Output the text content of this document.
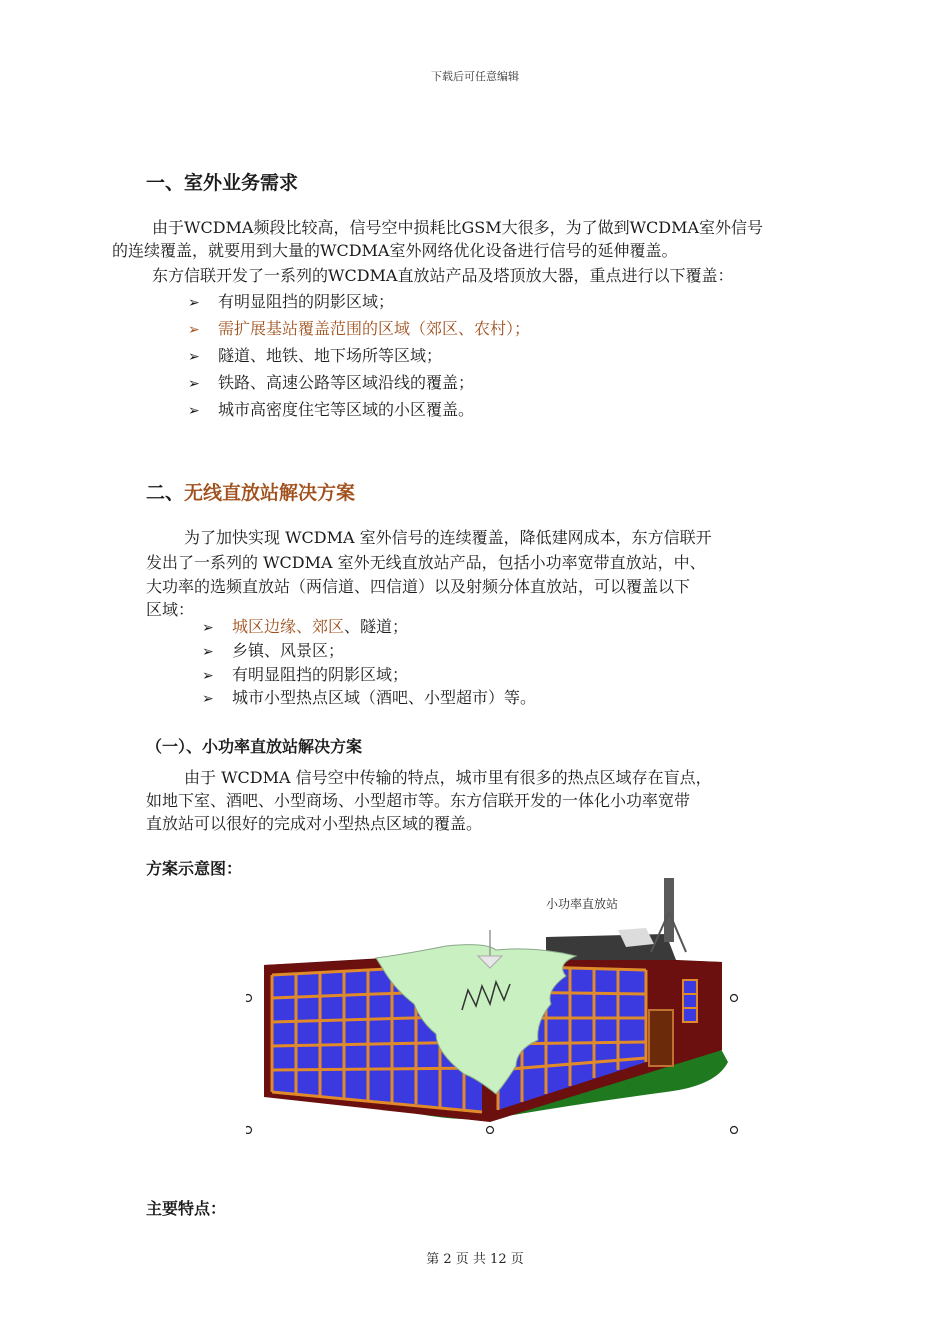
下载后可任意编辑
一、室外业务需求
由于WCDMA频段比较高，信号空中损耗比GSM大很多，为了做到WCDMA室外信号
的连续覆盖，就要用到大量的WCDMA室外网络优化设备进行信号的延伸覆盖。
东方信联开发了一系列的WCDMA直放站产品及塔顶放大器，重点进行以下覆盖：
➢ 有明显阻挡的阴影区域；
➢ 需扩展基站覆盖范围的区域（郊区、农村）；
➢ 隧道、地铁、地下场所等区域；
➢ 铁路、高速公路等区域沿线的覆盖；
➢ 城市高密度住宅等区域的小区覆盖。
二、无线直放站解决方案
为了加快实现 WCDMA 室外信号的连续覆盖，降低建网成本，东方信联开
发出了一系列的 WCDMA 室外无线直放站产品，包括小功率宽带直放站，中、
大功率的选频直放站（两信道、四信道）以及射频分体直放站，可以覆盖以下
区域：
➢ 城区边缘、郊区、隧道；
➢ 乡镇、风景区；
➢ 有明显阻挡的阴影区域；
➢ 城市小型热点区域（酒吧、小型超市）等。
（一）、小功率直放站解决方案
由于 WCDMA 信号空中传输的特点，城市里有很多的热点区域存在盲点，
如地下室、酒吧、小型商场、小型超市等。东方信联开发的一体化小功率宽带
直放站可以很好的完成对小型热点区域的覆盖。
方案示意图：
小功率直放站
主要特点：
第 2 页 共 12 页
